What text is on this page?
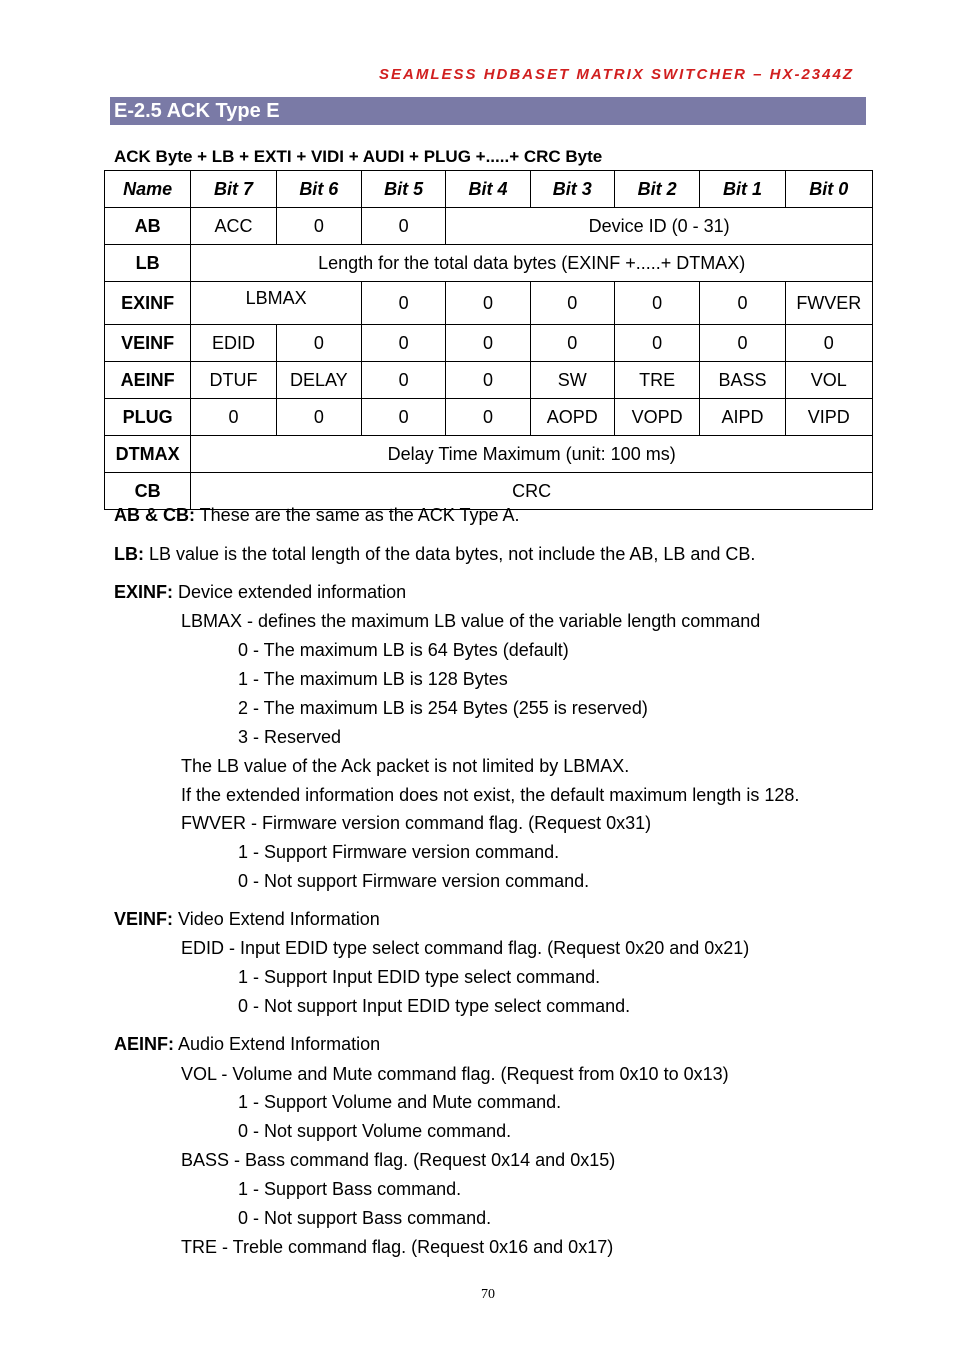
SEAMLESS HDBASET MATRIX SWITCHER – HX-2344Z
E-2.5 ACK Type E
ACK Byte + LB + EXTI + VIDI + AUDI + PLUG +.....+ CRC Byte
Name	Bit 7	Bit 6	Bit 5	Bit 4	Bit 3	Bit 2	Bit 1	Bit 0
AB	ACC	0	0	Device ID (0 - 31)				
LB	Length for the total data bytes (EXINF +.....+ DTMAX)							
EXINF	LBMAX		0	0	0	0	0	FWVER
VEINF	EDID	0	0	0	0	0	0	0
AEINF	DTUF	DELAY	0	0	SW	TRE	BASS	VOL
PLUG	0	0	0	0	AOPD	VOPD	AIPD	VIPD
DTMAX	Delay Time Maximum (unit: 100 ms)							
CB	CRC							
AB & CB: These are the same as the ACK Type A.
LB: LB value is the total length of the data bytes, not include the AB, LB and CB.
EXINF: Device extended information
LBMAX - defines the maximum LB value of the variable length command
0 - The maximum LB is 64 Bytes (default)
1 - The maximum LB is 128 Bytes
2 - The maximum LB is 254 Bytes (255 is reserved)
3 - Reserved
The LB value of the Ack packet is not limited by LBMAX.
If the extended information does not exist, the default maximum length is 128.
FWVER - Firmware version command flag. (Request 0x31)
1 - Support Firmware version command.
0 - Not support Firmware version command.
VEINF: Video Extend Information
EDID - Input EDID type select command flag. (Request 0x20 and 0x21)
1 - Support Input EDID type select command.
0 - Not support Input EDID type select command.
AEINF: Audio Extend Information
VOL - Volume and Mute command flag. (Request from 0x10 to 0x13)
1 - Support Volume and Mute command.
0 - Not support Volume command.
BASS - Bass command flag. (Request 0x14 and 0x15)
1 - Support Bass command.
0 - Not support Bass command.
TRE - Treble command flag. (Request 0x16 and 0x17)
70
